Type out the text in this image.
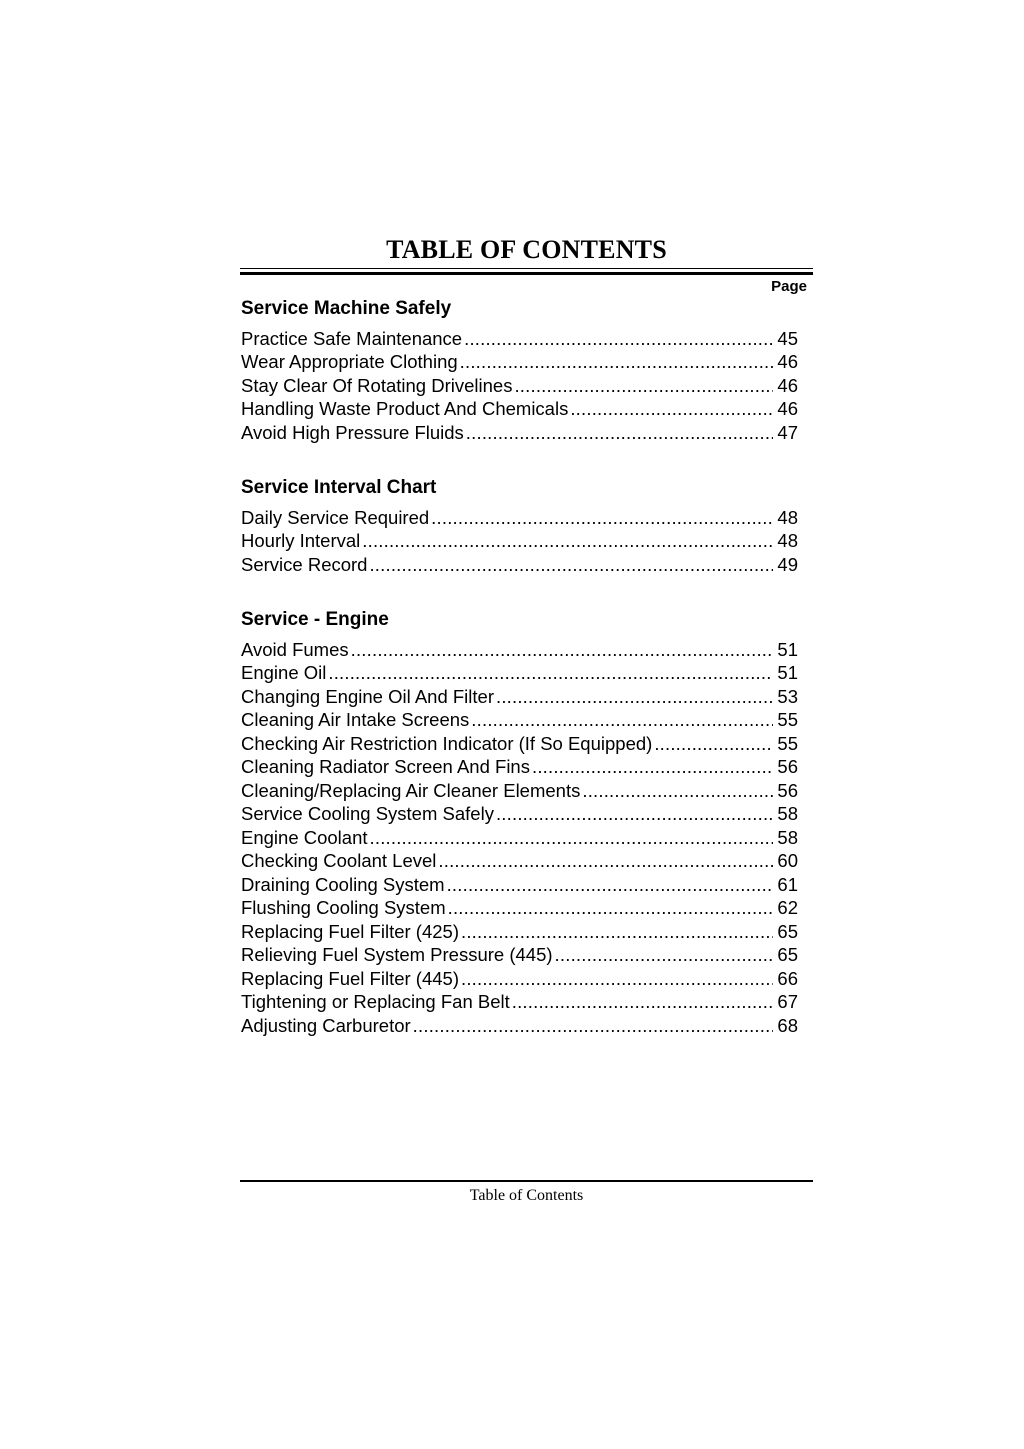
TABLE OF CONTENTS
Page
Service Machine Safely
Practice Safe Maintenance .....	45
Wear Appropriate Clothing .....	46
Stay Clear Of Rotating Drivelines .....	46
Handling Waste Product And Chemicals .....	46
Avoid High Pressure Fluids .....	47
Service Interval Chart
Daily Service Required .....	48
Hourly Interval .....	48
Service Record .....	49
Service - Engine
Avoid Fumes .....	51
Engine Oil .....	51
Changing Engine Oil And Filter .....	53
Cleaning Air Intake Screens .....	55
Checking Air Restriction Indicator (If So Equipped) .....	55
Cleaning Radiator Screen And Fins .....	56
Cleaning/Replacing Air Cleaner Elements .....	56
Service Cooling System Safely .....	58
Engine Coolant .....	58
Checking Coolant Level .....	60
Draining Cooling System .....	61
Flushing Cooling System .....	62
Replacing Fuel Filter (425) .....	65
Relieving Fuel System Pressure (445) .....	65
Replacing Fuel Filter (445) .....	66
Tightening or Replacing Fan Belt .....	67
Adjusting Carburetor .....	68
Table of Contents
